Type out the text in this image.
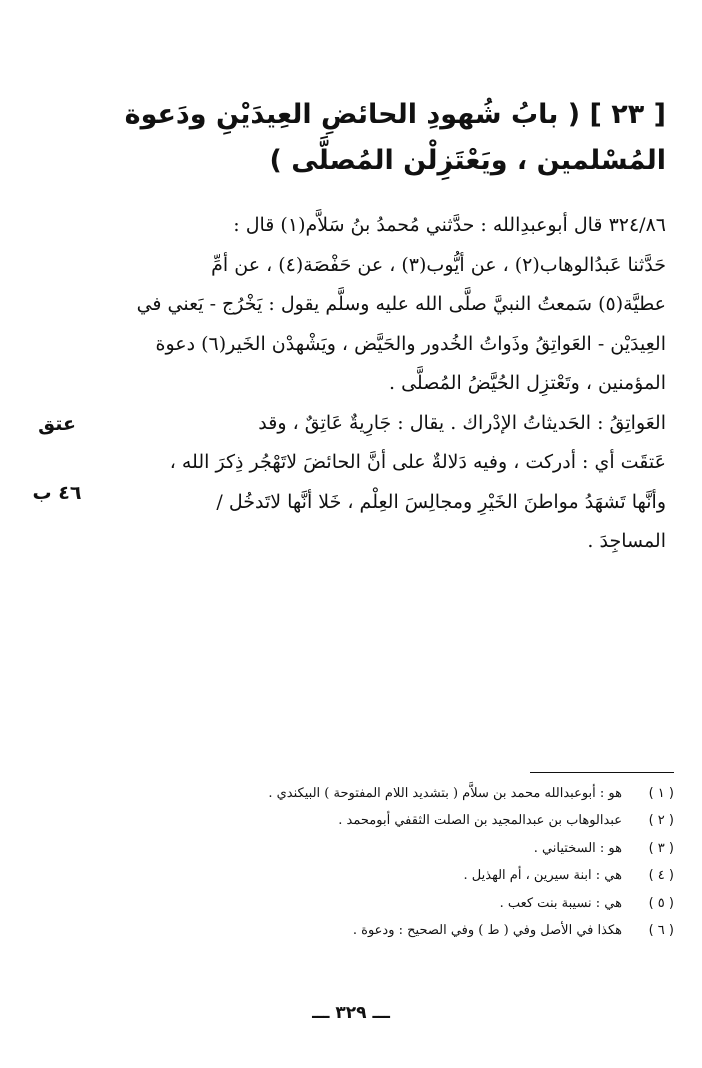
[ ٢٣ ] ( بابُ شُهودِ الحائضِ العِيدَيْنِ ودَعوة
المُسْلمين ، ويَعْتَزِلْن المُصلَّى )

٣٢٤/٨٦ قال أبوعبدِالله : حدَّثني مُحمدُ بنُ سَلاَّم(١) قال :
حَدَّثنا عَبدُالوهاب(٢) ، عن أيُّوب(٣) ، عن حَفْصَة(٤) ، عن أمِّ
عطيَّة(٥) سَمعتُ النبيَّ صلَّى الله عليه وسلَّم يقول : يَخْرُج - يَعني في
العِيدَيْن - العَواتِقُ وذَواتُ الخُدور والحَيَّض ، ويَشْهدْن الخَير(٦) دعوة
المؤمنين ، وتَعْتزِل الحُيَّضُ المُصلَّى .

العَواتِقُ : الحَديثاتُ الإدْراك . يقال : جَارِيةٌ عَاتِقٌ ، وقد
عَتقَت أي : أدركت ، وفيه دَلالةٌ على أنَّ الحائضَ لاتَهْجُر ذِكرَ الله ،
وأنَّها تَشهَدُ مواطنَ الخَيْرِ ومجالِسَ العِلْم ، خَلا أنَّها لاتَدخُل /
المساجِدَ .

عتق
٤٦ ب
( ١ )
هو : أبوعبدالله محمد بن سلاَّم ( بتشديد اللام المفتوحة ) البيكندي .
( ٢ )
عبدالوهاب بن عبدالمجيد بن الصلت الثقفي أبومحمد .
( ٣ )
هو : السختياني .
( ٤ )
هي : ابنة سيرين ، أم الهذيل .
( ٥ )
هي : نسيبة بنت كعب .
( ٦ )
هكذا في الأصل وفي ( ط ) وفي الصحيح : ودعوة .
ـــ ٣٢٩ ـــ
